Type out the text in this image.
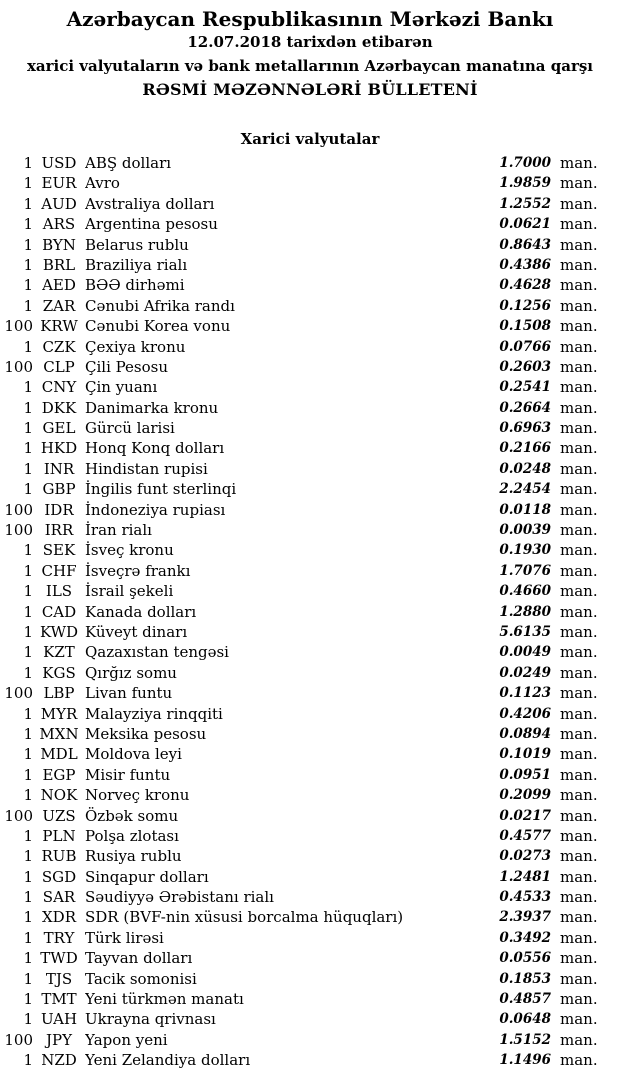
Azərbaycan Respublikasının Mərkəzi Bankı
12.07.2018 tarixdən etibarən
xarici valyutaların və bank metallarının Azərbaycan manatına qarşı
RƏSMİ MƏZƏNNƏLƏRİ BÜLLETENİ
Xarici valyutalar
1 USD ABŞ dolları	1.7000 man.
1 EUR Avro	1.9859 man.
1 AUD Avstraliya dolları	1.2552 man.
1 ARS Argentina pesosu	0.0621 man.
1 BYN Belarus rublu	0.8643 man.
1 BRL Braziliya rialı	0.4386 man.
1 AED BƏƏ dirhəmi	0.4628 man.
1 ZAR Cənubi Afrika randı	0.1256 man.
100 KRW Cənubi Korea vonu	0.1508 man.
1 CZK Çexiya kronu	0.0766 man.
100 CLP Çili Pesosu	0.2603 man.
1 CNY Çin yuanı	0.2541 man.
1 DKK Danimarka kronu	0.2664 man.
1 GEL Gürcü larisi	0.6963 man.
1 HKD Honq Konq dolları	0.2166 man.
1 INR Hindistan rupisi	0.0248 man.
1 GBP İngilis funt sterlinqi	2.2454 man.
100 IDR İndoneziya rupiası	0.0118 man.
100 IRR İran rialı	0.0039 man.
1 SEK İsveç kronu	0.1930 man.
1 CHF İsveçrə frankı	1.7076 man.
1 ILS İsrail şekeli	0.4660 man.
1 CAD Kanada dolları	1.2880 man.
1 KWD Küveyt dinarı	5.6135 man.
1 KZT Qazaxıstan tengəsi	0.0049 man.
1 KGS Qırğız somu	0.0249 man.
100 LBP Livan funtu	0.1123 man.
1 MYR Malayziya rinqqiti	0.4206 man.
1 MXN Meksika pesosu	0.0894 man.
1 MDL Moldova leyi	0.1019 man.
1 EGP Misir funtu	0.0951 man.
1 NOK Norveç kronu	0.2099 man.
100 UZS Özbək somu	0.0217 man.
1 PLN Polşa zlotası	0.4577 man.
1 RUB Rusiya rublu	0.0273 man.
1 SGD Sinqapur dolları	1.2481 man.
1 SAR Səudiyyə Ərəbistanı rialı	0.4533 man.
1 XDR SDR (BVF-nin xüsusi borcalma hüquqları)	2.3937 man.
1 TRY Türk lirəsi	0.3492 man.
1 TWD Tayvan dolları	0.0556 man.
1 TJS Tacik somonisi	0.1853 man.
1 TMT Yeni türkmən manatı	0.4857 man.
1 UAH Ukrayna qrivnası	0.0648 man.
100 JPY Yapon yeni	1.5152 man.
1 NZD Yeni Zelandiya dolları	1.1496 man.
